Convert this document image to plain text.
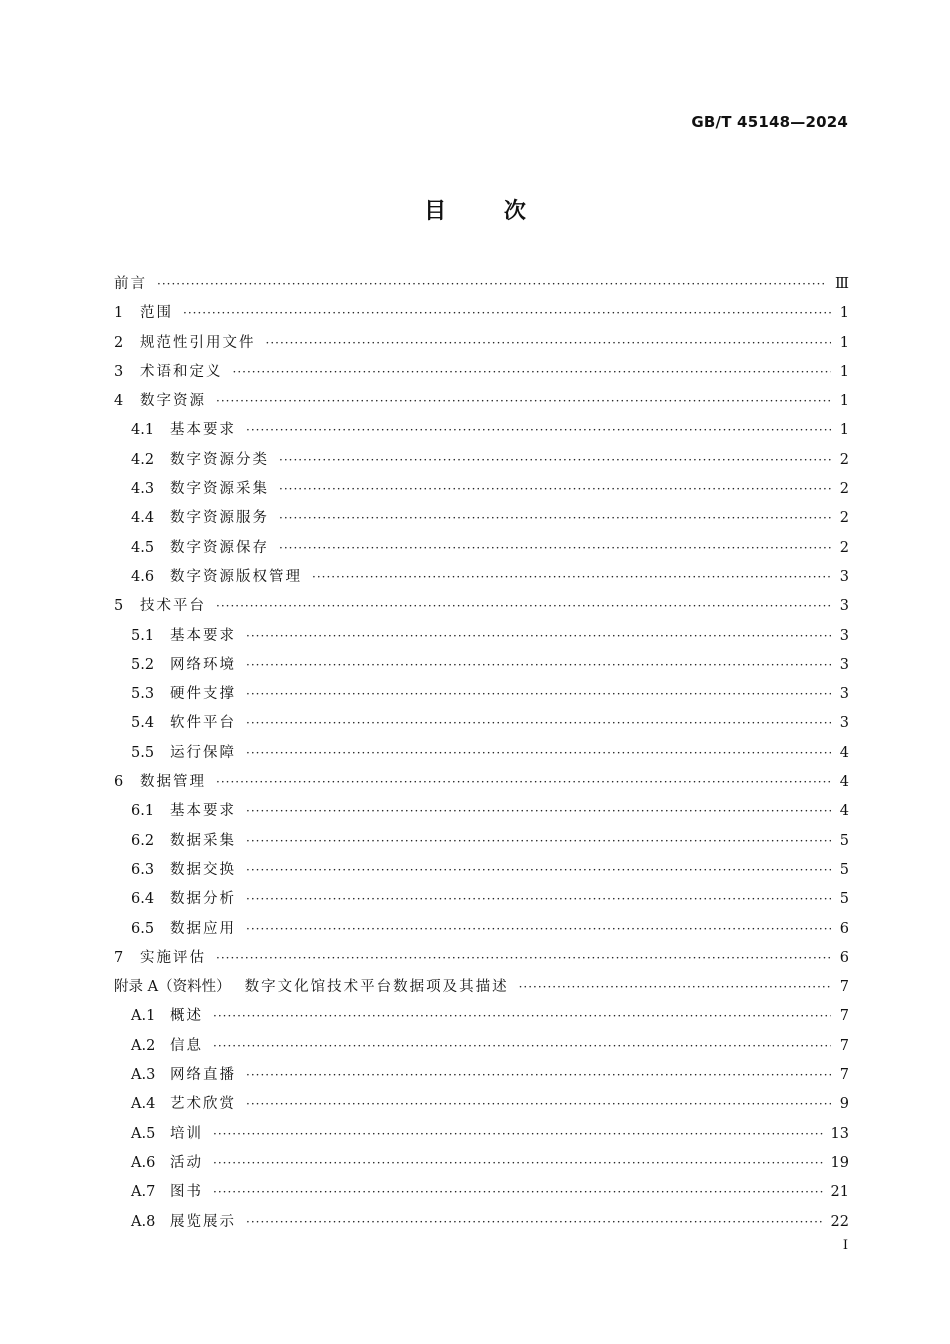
GB/T 45148—2024
目 次
前言 ·····	Ⅲ
1	范围 ·····	1
2	规范性引用文件 ·····	1
3	术语和定义 ·····	1
4	数字资源 ·····	1
4.1	基本要求 ·····	1
4.2	数字资源分类 ·····	2
4.3	数字资源采集 ·····	2
4.4	数字资源服务 ·····	2
4.5	数字资源保存 ·····	2
4.6	数字资源版权管理 ·····	3
5	技术平台 ·····	3
5.1	基本要求 ·····	3
5.2	网络环境 ·····	3
5.3	硬件支撑 ·····	3
5.4	软件平台 ·····	3
5.5	运行保障 ·····	4
6	数据管理 ·····	4
6.1	基本要求 ·····	4
6.2	数据采集 ·····	5
6.3	数据交换 ·····	5
6.4	数据分析 ·····	5
6.5	数据应用 ·····	6
7	实施评估 ·····	6
附录 A（资料性） 数字文化馆技术平台数据项及其描述 ·····	7
A.1	概述 ·····	7
A.2	信息 ·····	7
A.3	网络直播 ·····	7
A.4	艺术欣赏 ·····	9
A.5	培训 ·····	13
A.6	活动 ·····	19
A.7	图书 ·····	21
A.8	展览展示 ·····	22
Ⅰ
